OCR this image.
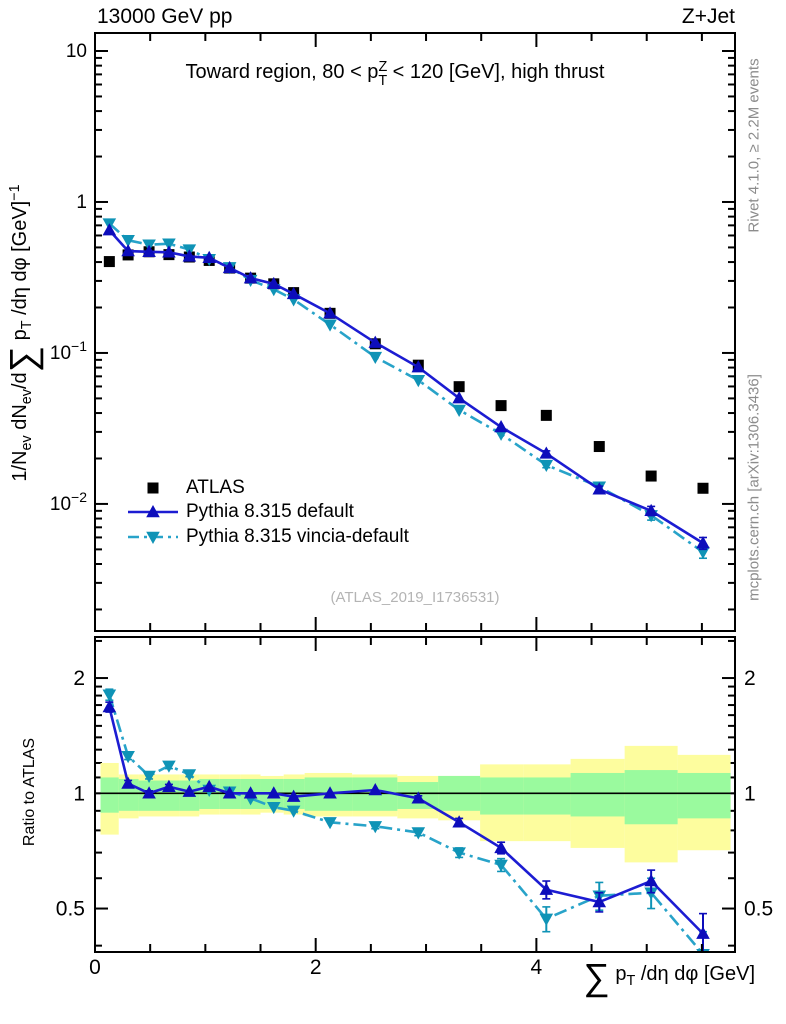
10
1
$10^{-1}$
$10^{-2}$
2	2
1	1
0.5	0.5
0	2	4
13000 GeV pp	Z+Jet
Toward region, $80 < p^Z_T < 120$ [GeV], high thrust
$1/N_{ev}$ $dN_{ev}/d\sum$ $p_T$ /dη dφ [GeV]$^{-1}$	Rivet 4.1.0, ≥ 2.2M events
mcplots.cern.ch [arXiv:1306.3436]
(ATLAS_2019_I1736531)
ATLAS
Pythia 8.315 default
Pythia 8.315 vincia-default
Ratio to ATLAS
∑ $p_T$ /dη dφ [GeV]
